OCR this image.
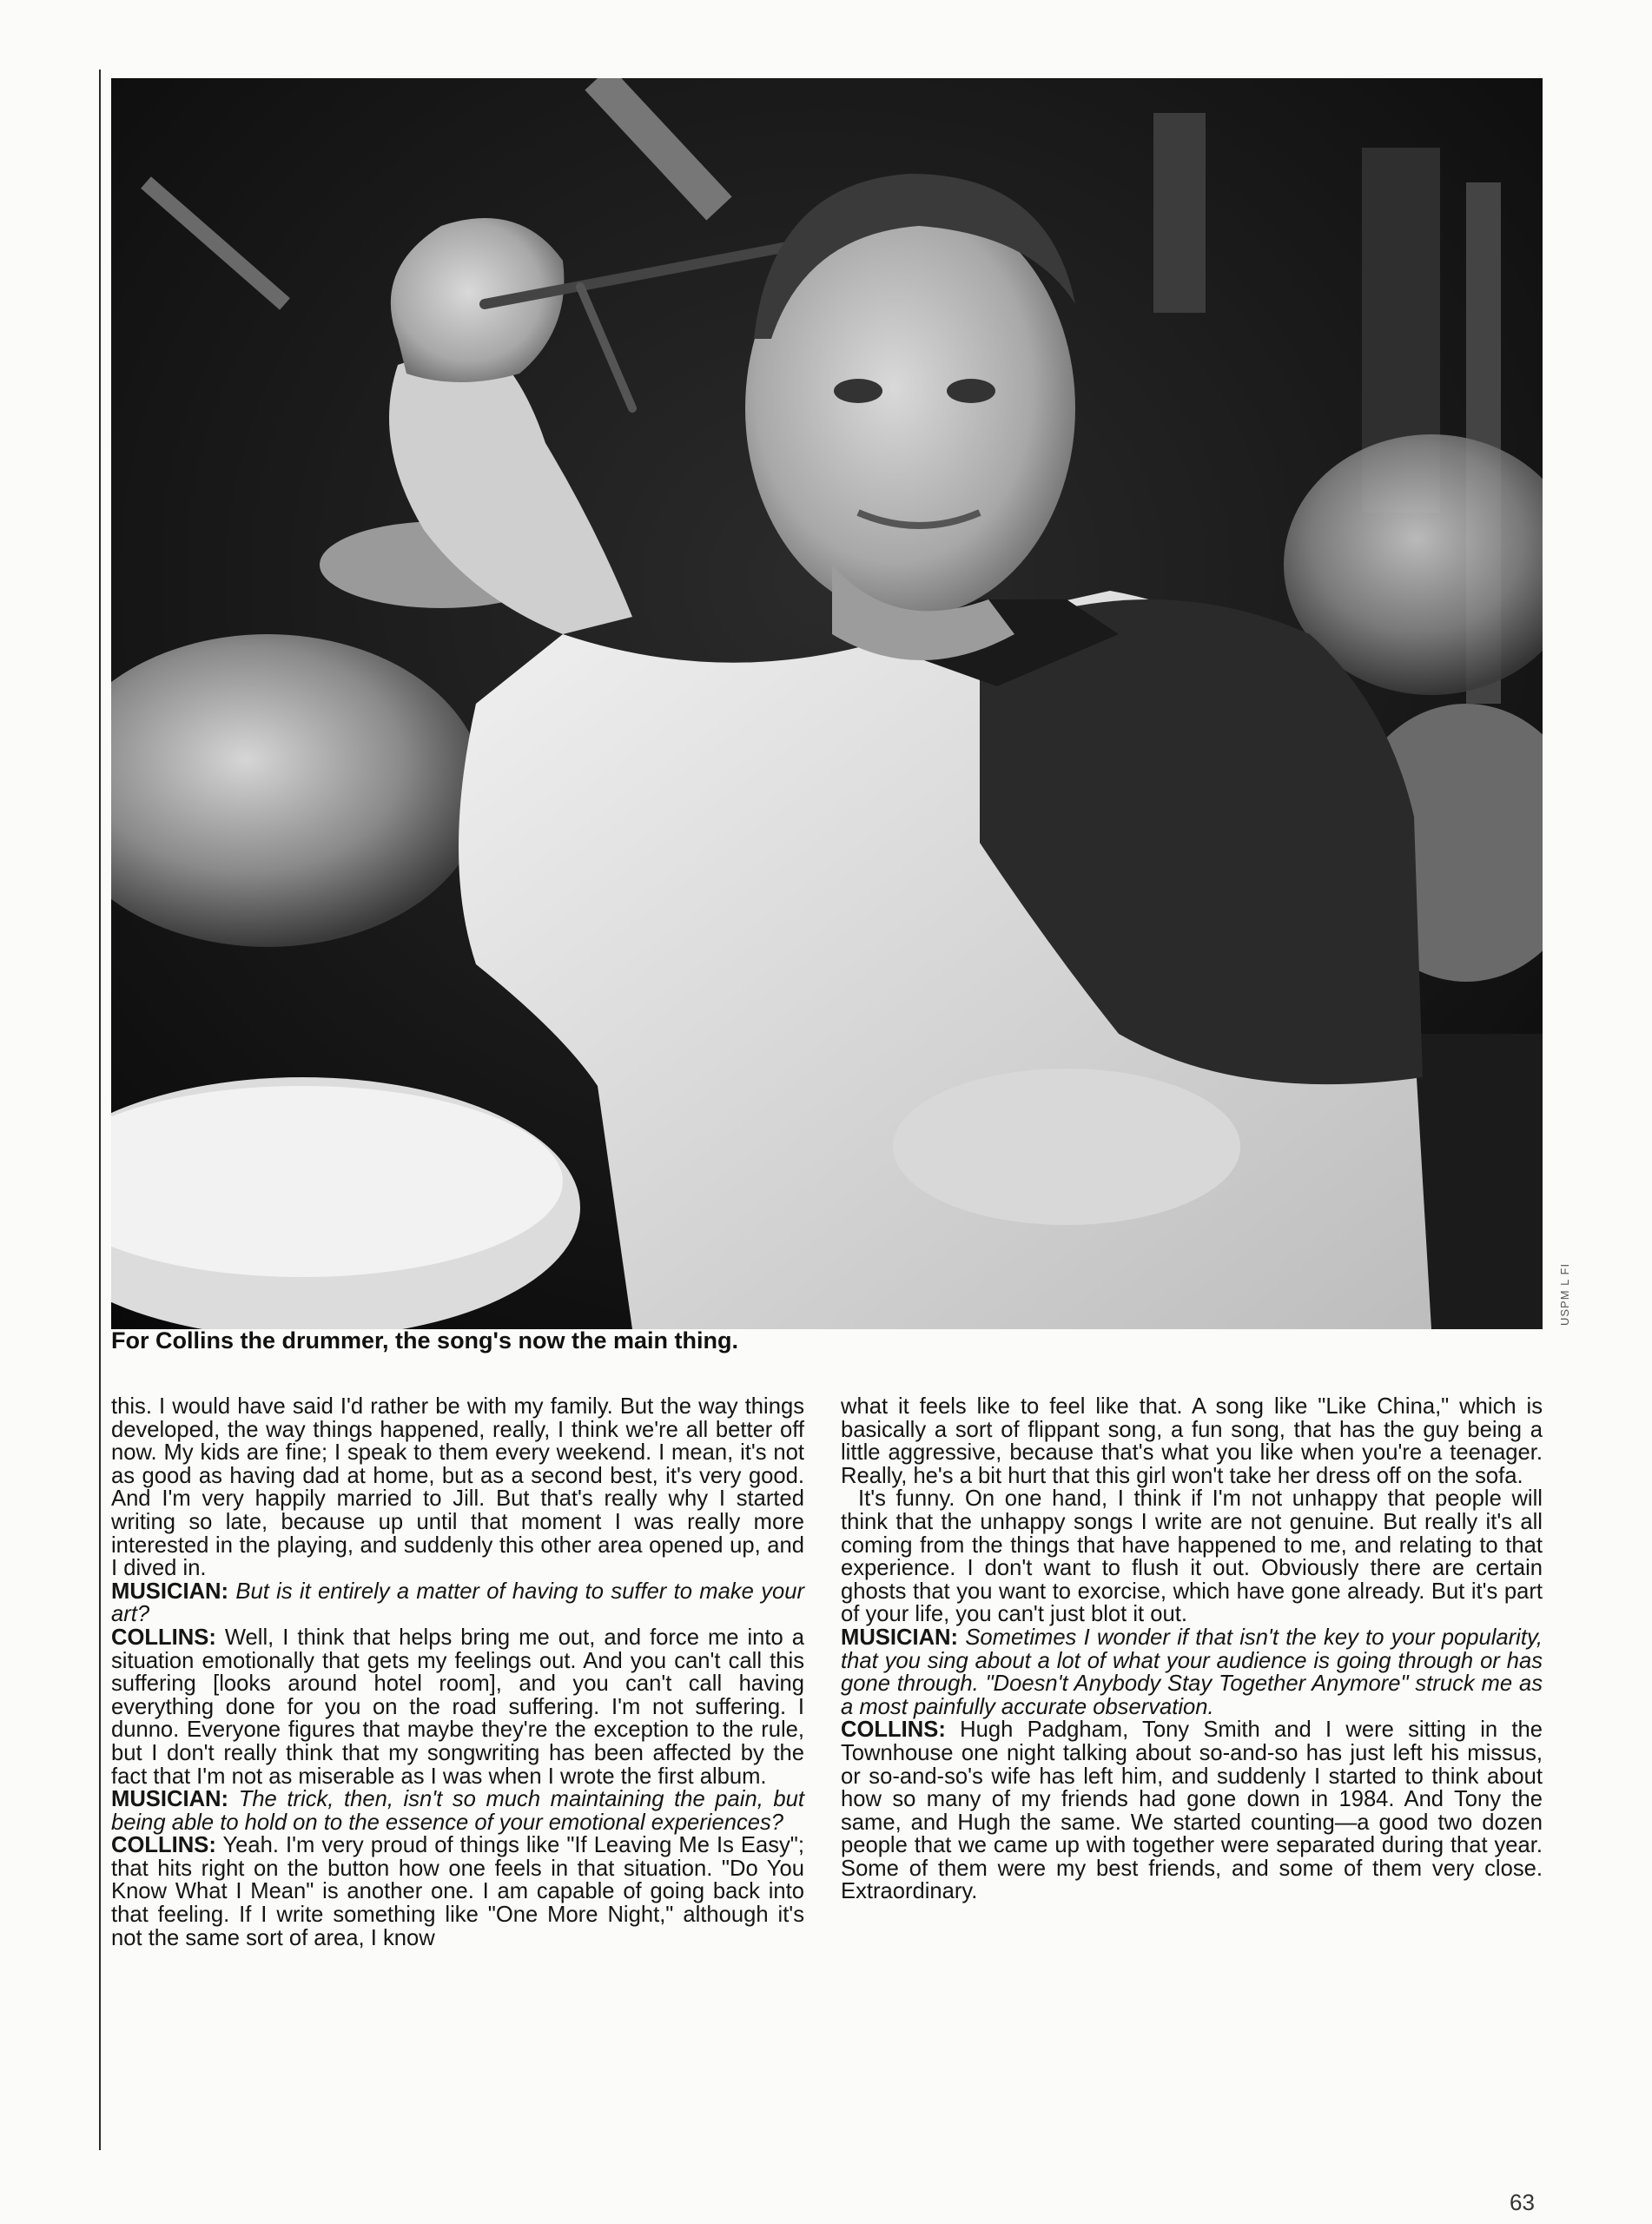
USPM L FI
For Collins the drummer, the song's now the main thing.

this. I would have said I'd rather be with my family. But the way things developed, the way things happened, really, I think we're all better off now. My kids are fine; I speak to them every weekend. I mean, it's not as good as having dad at home, but as a second best, it's very good. And I'm very happily married to Jill. But that's really why I started writing so late, because up until that moment I was really more interested in the playing, and suddenly this other area opened up, and I dived in.

MUSICIAN: But is it entirely a matter of having to suffer to make your art?

COLLINS: Well, I think that helps bring me out, and force me into a situation emotionally that gets my feelings out. And you can't call this suffering [looks around hotel room], and you can't call having everything done for you on the road suffering. I'm not suffering. I dunno. Everyone figures that maybe they're the exception to the rule, but I don't really think that my songwriting has been affected by the fact that I'm not as miserable as I was when I wrote the first album.

MUSICIAN: The trick, then, isn't so much maintaining the pain, but being able to hold on to the essence of your emotional experiences?

COLLINS: Yeah. I'm very proud of things like "If Leaving Me Is Easy"; that hits right on the button how one feels in that situation. "Do You Know What I Mean" is another one. I am capable of going back into that feeling. If I write something like "One More Night," although it's not the same sort of area, I know

what it feels like to feel like that. A song like "Like China," which is basically a sort of flippant song, a fun song, that has the guy being a little aggressive, because that's what you like when you're a teenager. Really, he's a bit hurt that this girl won't take her dress off on the sofa.

It's funny. On one hand, I think if I'm not unhappy that people will think that the unhappy songs I write are not genuine. But really it's all coming from the things that have happened to me, and relating to that experience. I don't want to flush it out. Obviously there are certain ghosts that you want to exorcise, which have gone already. But it's part of your life, you can't just blot it out.

MUSICIAN: Sometimes I wonder if that isn't the key to your popularity, that you sing about a lot of what your audience is going through or has gone through. "Doesn't Anybody Stay Together Anymore" struck me as a most painfully accurate observation.

COLLINS: Hugh Padgham, Tony Smith and I were sitting in the Townhouse one night talking about so-and-so has just left his missus, or so-and-so's wife has left him, and suddenly I started to think about how so many of my friends had gone down in 1984. And Tony the same, and Hugh the same. We started counting—a good two dozen people that we came up with together were separated during that year. Some of them were my best friends, and some of them very close. Extraordinary.

63
